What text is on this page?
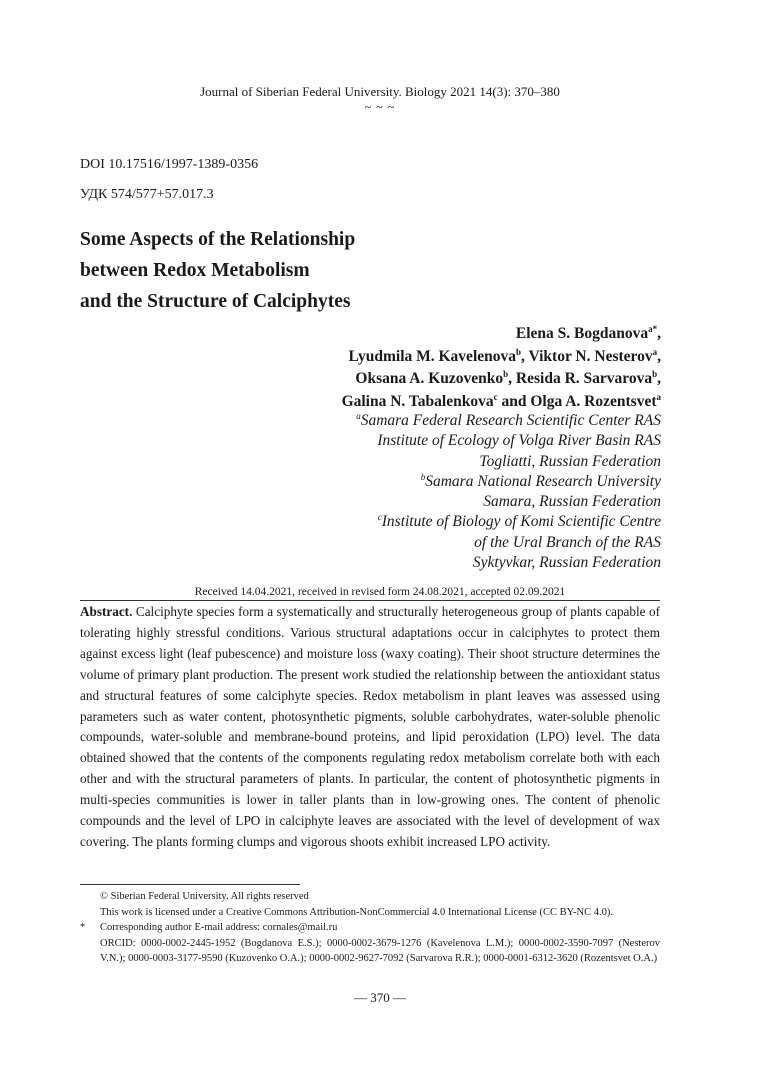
Journal of Siberian Federal University. Biology 2021 14(3): 370–380
~ ~ ~
DOI 10.17516/1997-1389-0356
УДК 574/577+57.017.3
Some Aspects of the Relationship
between Redox Metabolism
and the Structure of Calciphytes
Elena S. Bogdanova$^{a*}$,
Lyudmila M. Kavelenova$^b$, Viktor N. Nesterov$^a$,
Oksana A. Kuzovenko$^b$, Resida R. Sarvarova$^b$,
Galina N. Tabalenkova$^c$ and Olga A. Rozentsvet$^a$
$^a$Samara Federal Research Scientific Center RAS
Institute of Ecology of Volga River Basin RAS
Togliatti, Russian Federation
$^b$Samara National Research University
Samara, Russian Federation
$^c$Institute of Biology of Komi Scientific Centre
of the Ural Branch of the RAS
Syktyvkar, Russian Federation
Received 14.04.2021, received in revised form 24.08.2021, accepted 02.09.2021
Abstract. Calciphyte species form a systematically and structurally heterogeneous group of plants capable of tolerating highly stressful conditions. Various structural adaptations occur in calciphytes to protect them against excess light (leaf pubescence) and moisture loss (waxy coating). Their shoot structure determines the volume of primary plant production. The present work studied the relationship between the antioxidant status and structural features of some calciphyte species. Redox metabolism in plant leaves was assessed using parameters such as water content, photosynthetic pigments, soluble carbohydrates, water-soluble phenolic compounds, water-soluble and membrane-bound proteins, and lipid peroxidation (LPO) level. The data obtained showed that the contents of the components regulating redox metabolism correlate both with each other and with the structural parameters of plants. In particular, the content of photosynthetic pigments in multi-species communities is lower in taller plants than in low-growing ones. The content of phenolic compounds and the level of LPO in calciphyte leaves are associated with the level of development of wax covering. The plants forming clumps and vigorous shoots exhibit increased LPO activity.
© Siberian Federal University. All rights reserved
This work is licensed under a Creative Commons Attribution-NonCommercial 4.0 International License (CC BY-NC 4.0).
*	Corresponding author E-mail address: cornales@mail.ru
ORCID: 0000-0002-2445-1952 (Bogdanova E.S.); 0000-0002-3679-1276 (Kavelenova L.M.); 0000-0002-3590-7097 (Nesterov V.N.); 0000-0003-3177-9590 (Kuzovenko O.A.); 0000-0002-9627-7092 (Sarvarova R.R.); 0000-0001-6312-3620 (Rozentsvet O.A.)
— 370 —
